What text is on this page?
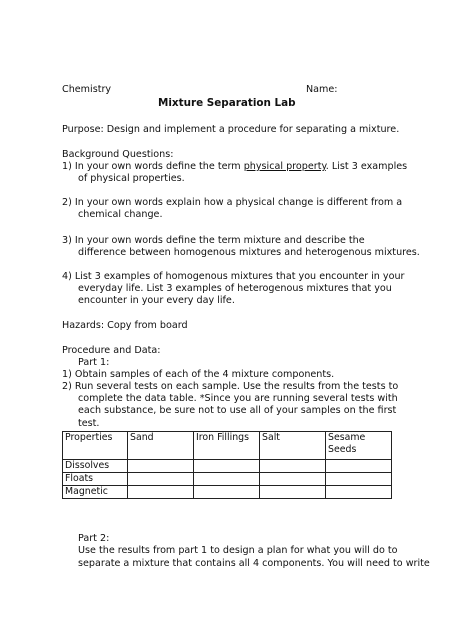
Chemistry	Name:
Mixture Separation Lab
Purpose: Design and implement a procedure for separating a mixture.
Background Questions:
1) In your own words define the term physical property. List 3 examples
of physical properties.
2) In your own words explain how a physical change is different from a
chemical change.
3) In your own words define the term mixture and describe the
difference between homogenous mixtures and heterogenous mixtures.
4) List 3 examples of homogenous mixtures that you encounter in your
everyday life. List 3 examples of heterogenous mixtures that you
encounter in your every day life.
Hazards: Copy from board
Procedure and Data:
Part 1:
1) Obtain samples of each of the 4 mixture components.
2) Run several tests on each sample. Use the results from the tests to
complete the data table. *Since you are running several tests with
each substance, be sure not to use all of your samples on the first
test.
Properties	Sand	Iron Fillings	Salt	Sesame
Seeds
Dissolves				
Floats				
Magnetic				
Part 2:
Use the results from part 1 to design a plan for what you will do to
separate a mixture that contains all 4 components. You will need to write
